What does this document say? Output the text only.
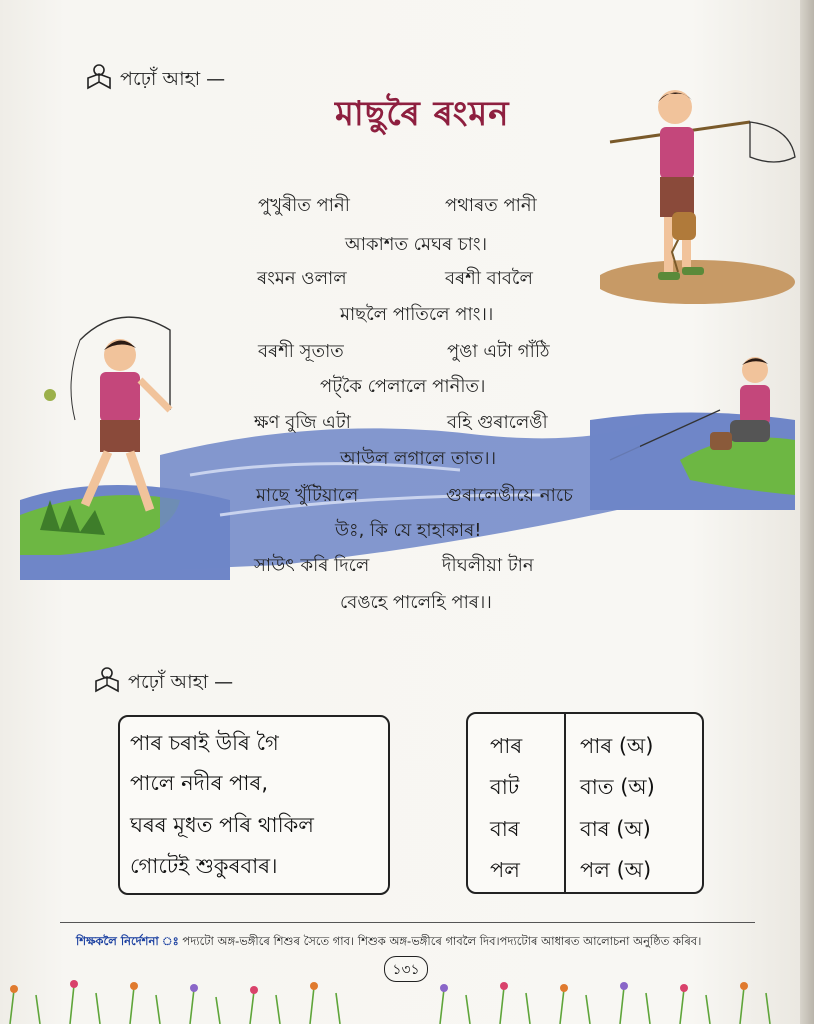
পঢ়োঁ আহা —
মাছুৰৈ ৰংমন
পুখুৰীত পানী	পথাৰত পানী
আকাশত মেঘৰ চাং।
ৰংমন ওলাল	বৰশী বাবলৈ
মাছলৈ পাতিলে পাং।।
বৰশী সূতাত	পুঙা এটা গাঁঠি
পট্‌কৈ পেলালে পানীত।
ক্ষণ বুজি এটা	বহি গুৰালেঙী
আউল লগালে তাত।।
মাছে খুঁটিয়ালে	গুৰালেঙীয়ে নাচে
উঃ, কি যে হাহাকাৰ!
সাউৎ কৰি দিলে	দীঘলীয়া টান
বেঙহে পালেহি পাৰ।।
পঢ়োঁ আহা —
পাৰ চৰাই উৰি গৈ
পালে নদীৰ পাৰ,
ঘৰৰ মূধত পৰি থাকিল
গোটেই শুকুৰবাৰ।
পাৰ	পাৰ (অ)
বাট	বাত (অ)
বাৰ	বাৰ (অ)
পল	পল (অ)
শিক্ষকলৈ নিৰ্দেশনা ঃ পদ্যটো অঙ্গ-ভঙ্গীৰে শিশুৰ সৈতে গাব। শিশুক অঙ্গ-ভঙ্গীৰে গাবলৈ দিব।পদ্যটোৰ আধাৰত আলোচনা অনুষ্ঠিত কৰিব।
১৩১
